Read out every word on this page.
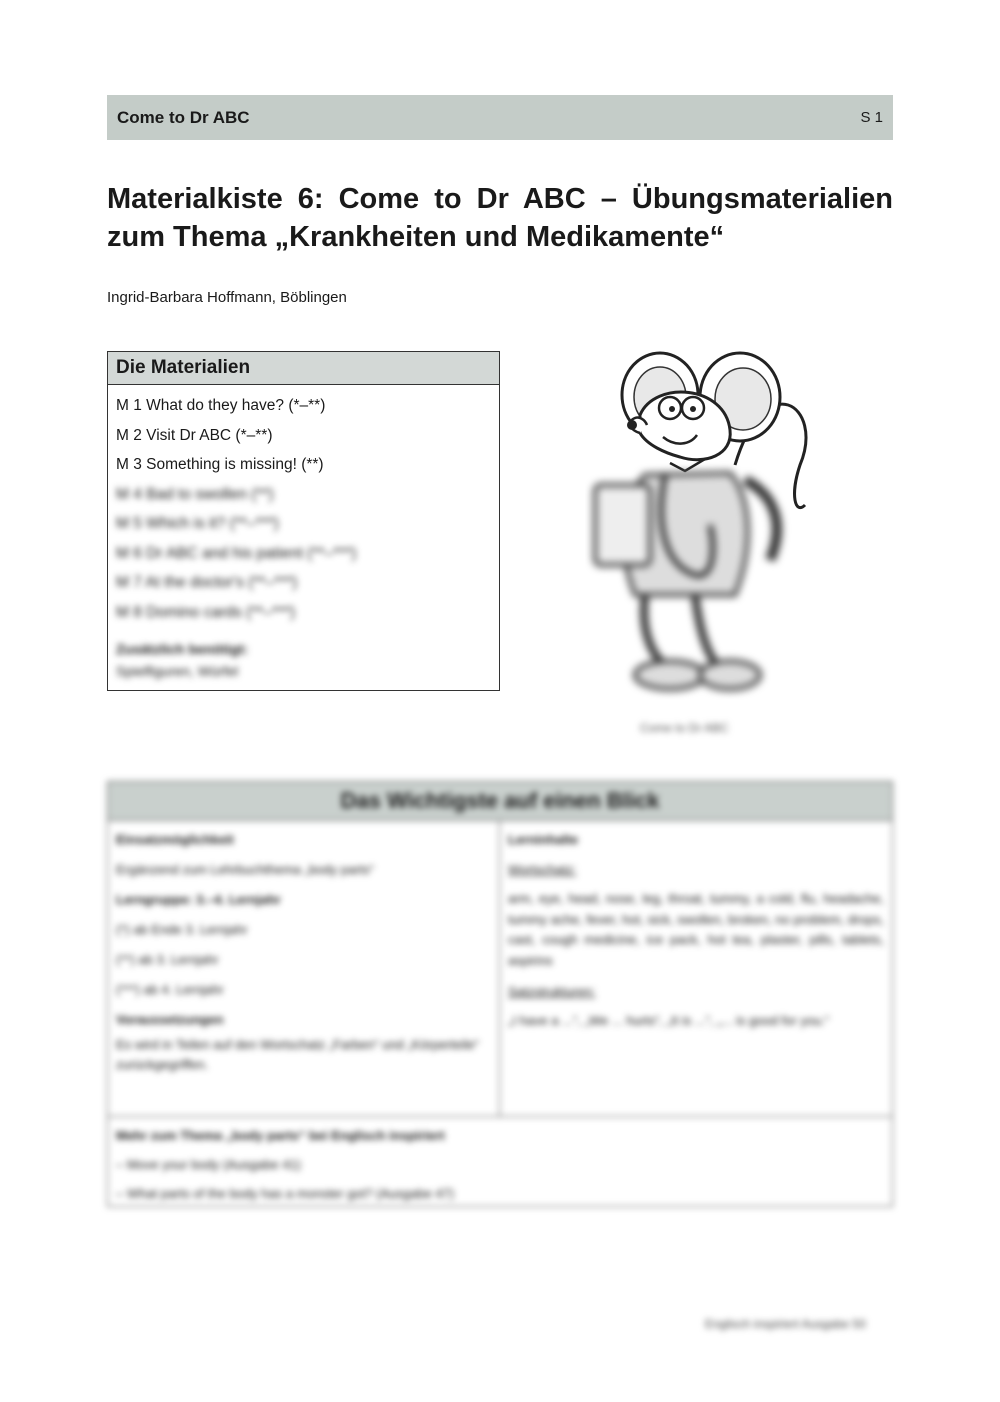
Come to Dr ABC	S 1
Materialkiste 6: Come to Dr ABC – Übungsmaterialien zum Thema „Krankheiten und Medikamente“
Ingrid-Barbara Hoffmann, Böblingen
Die Materialien
M 1 What do they have? (*–**)
M 2 Visit Dr ABC (*–**)
M 3 Something is missing! (**)
M 4 Bad to swollen (**)
M 5 Which is it? (**–***)
M 6 Dr ABC and his patient (**–***)
M 7 At the doctor's (**–***)
M 8 Domino cards (**–***)
Zusätzlich benötigt:
Spielfiguren, Würfel
Come to Dr ABC
Das Wichtigste auf einen Blick
Einsatzmöglichkeit
Ergänzend zum Lehrbuchthema „body parts“
Lerngruppe: 3.–4. Lernjahr
(*) ab Ende 3. Lernjahr
(**) ab 3. Lernjahr
(***) ab 4. Lernjahr
Voraussetzungen
Es wird in Teilen auf den Wortschatz „Farben“ und „Körperteile“ zurückgegriffen.
Lerninhalte
Wortschatz:
arm, eye, head, nose, leg, throat, tummy, a cold, flu, headache, tummy ache, fever, hot, sick, swollen, broken, no problem, drops, cast, cough medicine, ice pack, hot tea, plaster, pills, tablets, aspirins
Satzstrukturen:
„I have a ...“, „We ... hurts“, „It is ...“, „... is good for you.“
Mehr zum Thema „body parts“ bei Englisch inspiriert
– Move your body (Ausgabe 41)
– What parts of the body has a monster got? (Ausgabe 47)
Englisch inspiriert Ausgabe 50
